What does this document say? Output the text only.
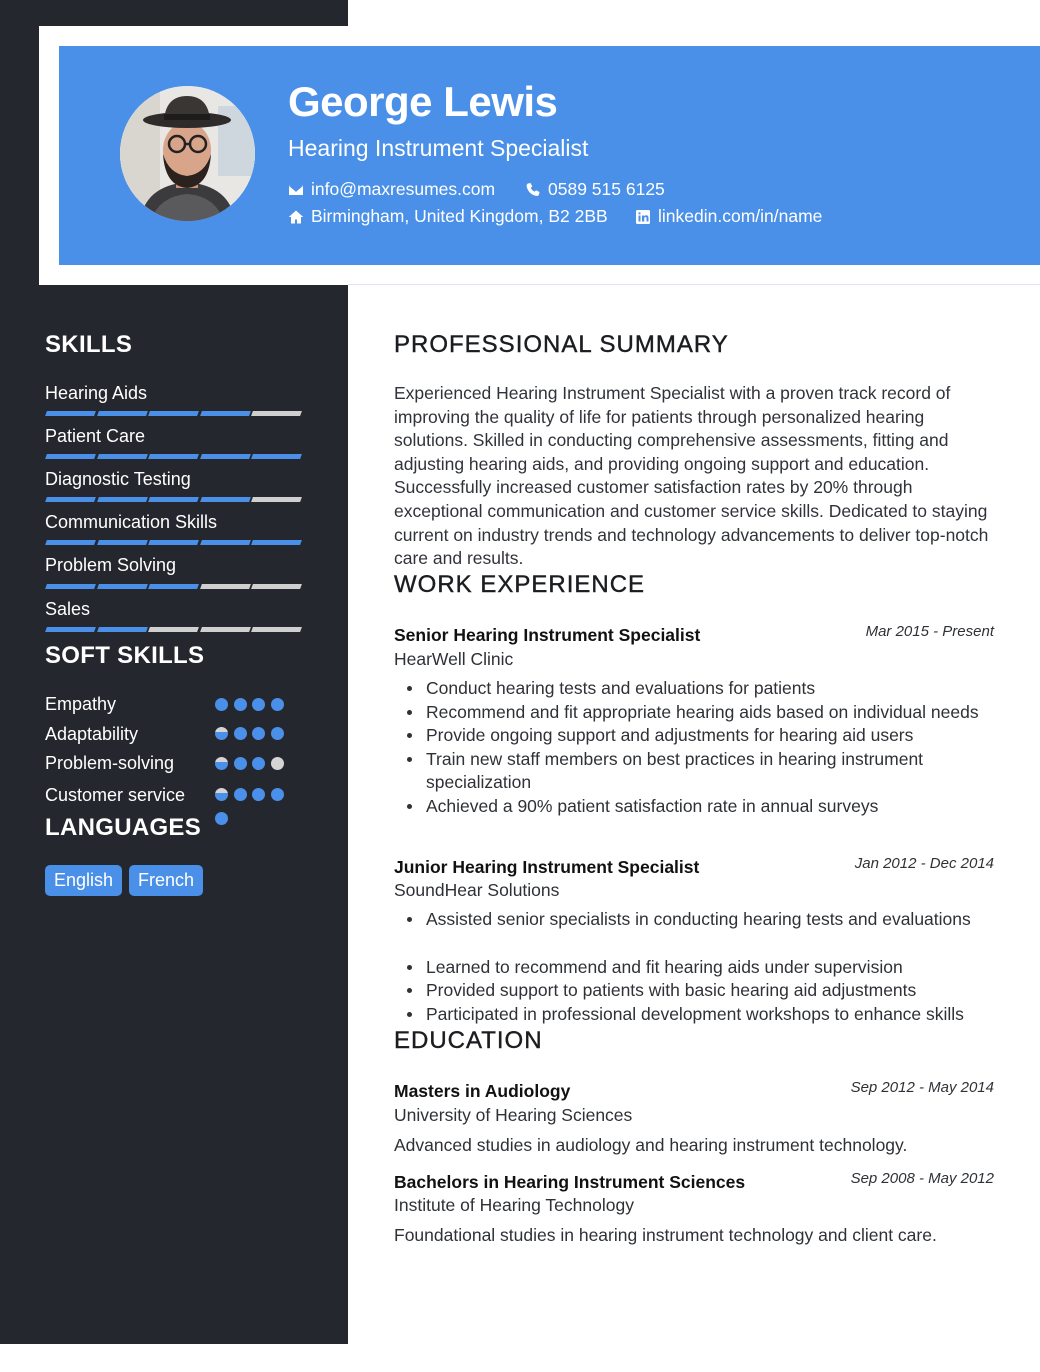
George Lewis
Hearing Instrument Specialist
info@maxresumes.com	0589 515 6125
Birmingham, United Kingdom, B2 2BB	linkedin.com/in/name
SKILLS
Hearing Aids
Patient Care
Diagnostic Testing
Communication Skills
Problem Solving
Sales
SOFT SKILLS
Empathy
Adaptability
Problem-solving
Customer service
LANGUAGES
English	French
PROFESSIONAL SUMMARY
Experienced Hearing Instrument Specialist with a proven track record of improving the quality of life for patients through personalized hearing solutions. Skilled in conducting comprehensive assessments, fitting and adjusting hearing aids, and providing ongoing support and education. Successfully increased customer satisfaction rates by 20% through exceptional communication and customer service skills. Dedicated to staying current on industry trends and technology advancements to deliver top-notch care and results.
WORK EXPERIENCE
Senior Hearing Instrument Specialist	Mar 2015 - Present
HearWell Clinic
Conduct hearing tests and evaluations for patients
Recommend and fit appropriate hearing aids based on individual needs
Provide ongoing support and adjustments for hearing aid users
Train new staff members on best practices in hearing instrument specialization
Achieved a 90% patient satisfaction rate in annual surveys
Junior Hearing Instrument Specialist	Jan 2012 - Dec 2014
SoundHear Solutions
Assisted senior specialists in conducting hearing tests and evaluations
Learned to recommend and fit hearing aids under supervision
Provided support to patients with basic hearing aid adjustments
Participated in professional development workshops to enhance skills
EDUCATION
Masters in Audiology	Sep 2012 - May 2014
University of Hearing Sciences
Advanced studies in audiology and hearing instrument technology.
Bachelors in Hearing Instrument Sciences	Sep 2008 - May 2012
Institute of Hearing Technology
Foundational studies in hearing instrument technology and client care.
